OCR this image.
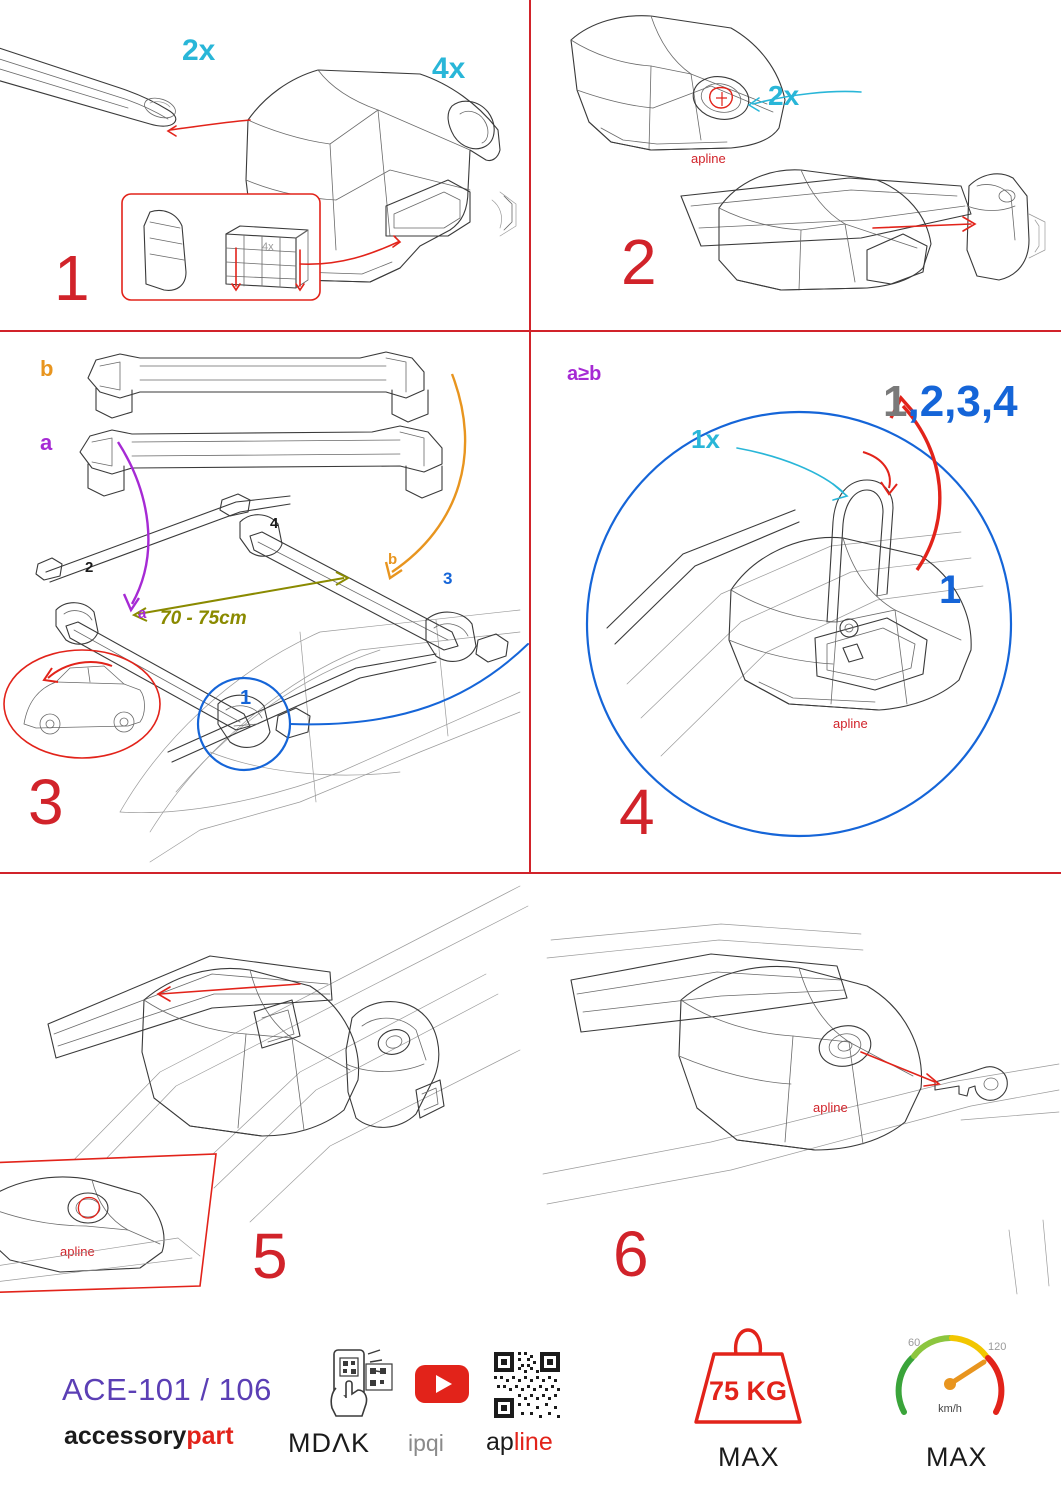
4x
2x
4x
1
apline
2x
2
1
2
3
4
70 - 75cm
a
b
b
a
3
apline
1x
1,2,3,4
1
a≥b
4
apline 5
apline
6
ACE-101 / 106
accessorypart MDΛK ipqi apline
75 KG
MAX
60	120
km/h
MAX
